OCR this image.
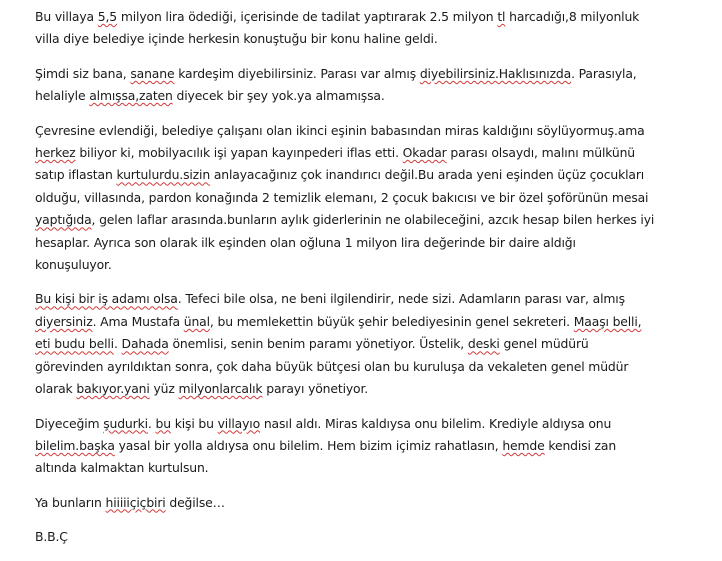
Bu villaya 5,5 milyon lira ödediği, içerisinde de tadilat yaptırarak 2.5 milyon tl harcadığı,8 milyonluk
villa diye belediye içinde herkesin konuştuğu bir konu haline geldi.
Şimdi siz bana, sanane kardeşim diyebilirsiniz. Parası var almış diyebilirsiniz.Haklısınızda. Parasıyla,
helaliyle almışsa,zaten diyecek bir şey yok.ya almamışsa.
Çevresine evlendiği, belediye çalışanı olan ikinci eşinin babasından miras kaldığını söylüyormuş.ama
herkez biliyor ki, mobilyacılık işi yapan kayınpederi iflas etti. Okadar parası olsaydı, malını mülkünü
satıp iflastan kurtulurdu.sizin anlayacağınız çok inandırıcı değil.Bu arada yeni eşinden üçüz çocukları
olduğu, villasında, pardon konağında 2 temizlik elemanı, 2 çocuk bakıcısı ve bir özel şoförünün mesai
yaptığıda, gelen laflar arasında.bunların aylık giderlerinin ne olabileceğini, azcık hesap bilen herkes iyi
hesaplar. Ayrıca son olarak ilk eşinden olan oğluna 1 milyon lira değerinde bir daire aldığı
konuşuluyor.
Bu kişi bir iş adamı olsa. Tefeci bile olsa, ne beni ilgilendirir, nede sizi. Adamların parası var, almış
diyersiniz. Ama Mustafa ünal, bu memlekettin büyük şehir belediyesinin genel sekreteri. Maaşı belli,
eti budu belli. Dahada önemlisi, senin benim paramı yönetiyor. Üstelik, deski genel müdürü
görevinden ayrıldıktan sonra, çok daha büyük bütçesi olan bu kuruluşa da vekaleten genel müdür
olarak bakıyor.yani yüz milyonlarcalık parayı yönetiyor.
Diyeceğim şudurki. bu kişi bu villayıo nasıl aldı. Miras kaldıysa onu bilelim. Krediyle aldıysa onu
bilelim.başka yasal bir yolla aldıysa onu bilelim. Hem bizim içimiz rahatlasın, hemde kendisi zan
altında kalmaktan kurtulsun.
Ya bunların hiiiiiçiçbiri değilse…
B.B.Ç
